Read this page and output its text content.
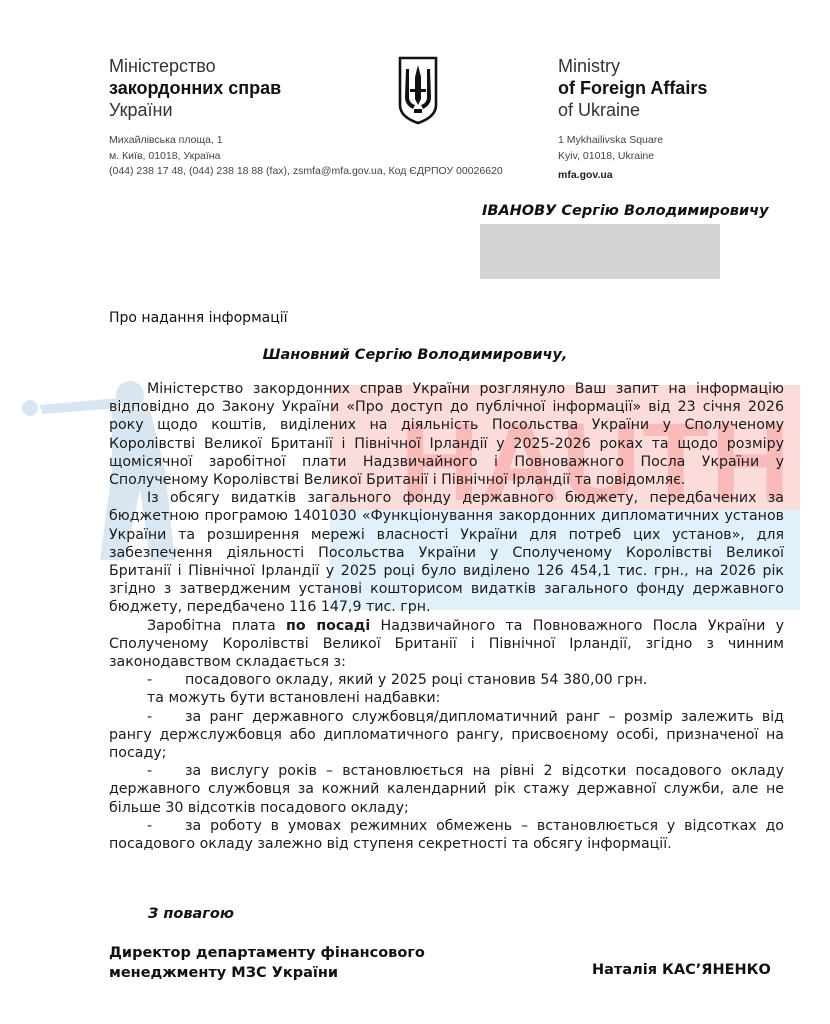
HAUTH
Міністерство
закордонних справ
України
Михайлівська площа, 1
м. Київ, 01018, Україна
(044) 238 17 48, (044) 238 18 88 (fax), zsmfa@mfa.gov.ua, Код ЄДРПОУ 00026620
Ministry
of Foreign Affairs
of Ukraine
1 Mykhailivska Square
Kyiv, 01018, Ukraine
mfa.gov.ua
ІВАНОВУ Сергію Володимировичу
Про надання інформації
Шановний Сергію Володимировичу,

Міністерство закордонних справ України розглянуло Ваш запит на інформацію відповідно до Закону України «Про доступ до публічної інформації» від 23 січня 2026 року щодо коштів, виділених на діяльність Посольства України у Сполученому Королівстві Великої Британії і Північної Ірландії у 2025-2026 роках та щодо розміру щомісячної заробітної плати Надзвичайного і Повноважного Посла України у Сполученому Королівстві Великої Британії і Північної Ірландії та повідомляє.

Із обсягу видатків загального фонду державного бюджету, передбачених за бюджетною програмою 1401030 «Функціонування закордонних дипломатичних установ України та розширення мережі власності України для потреб цих установ», для забезпечення діяльності Посольства України у Сполученому Королівстві Великої Британії і Північної Ірландії у 2025 році було виділено 126 454,1 тис. грн., на 2026 рік згідно з затвердженим установі кошторисом видатків загального фонду державного бюджету, передбачено 116 147,9 тис. грн.

Заробітна плата по посаді Надзвичайного та Повноважного Посла України у Сполученому Королівстві Великої Британії і Північної Ірландії, згідно з чинним законодавством складається з:

- посадового окладу, який у 2025 році становив 54 380,00 грн.

та можуть бути встановлені надбавки:

- за ранг державного службовця/дипломатичний ранг – розмір залежить від рангу держслужбовця або дипломатичного рангу, присвоєному особі, призначеної на посаду;

- за вислугу років – встановлюється на рівні 2 відсотки посадового окладу державного службовця за кожний календарний рік стажу державної служби, але не більше 30 відсотків посадового окладу;

- за роботу в умовах режимних обмежень – встановлюється у відсотках до посадового окладу залежно від ступеня секретності та обсягу інформації.

З повагою
Директор департаменту фінансового
менеджменту МЗС України	Наталія КАС’ЯНЕНКО
